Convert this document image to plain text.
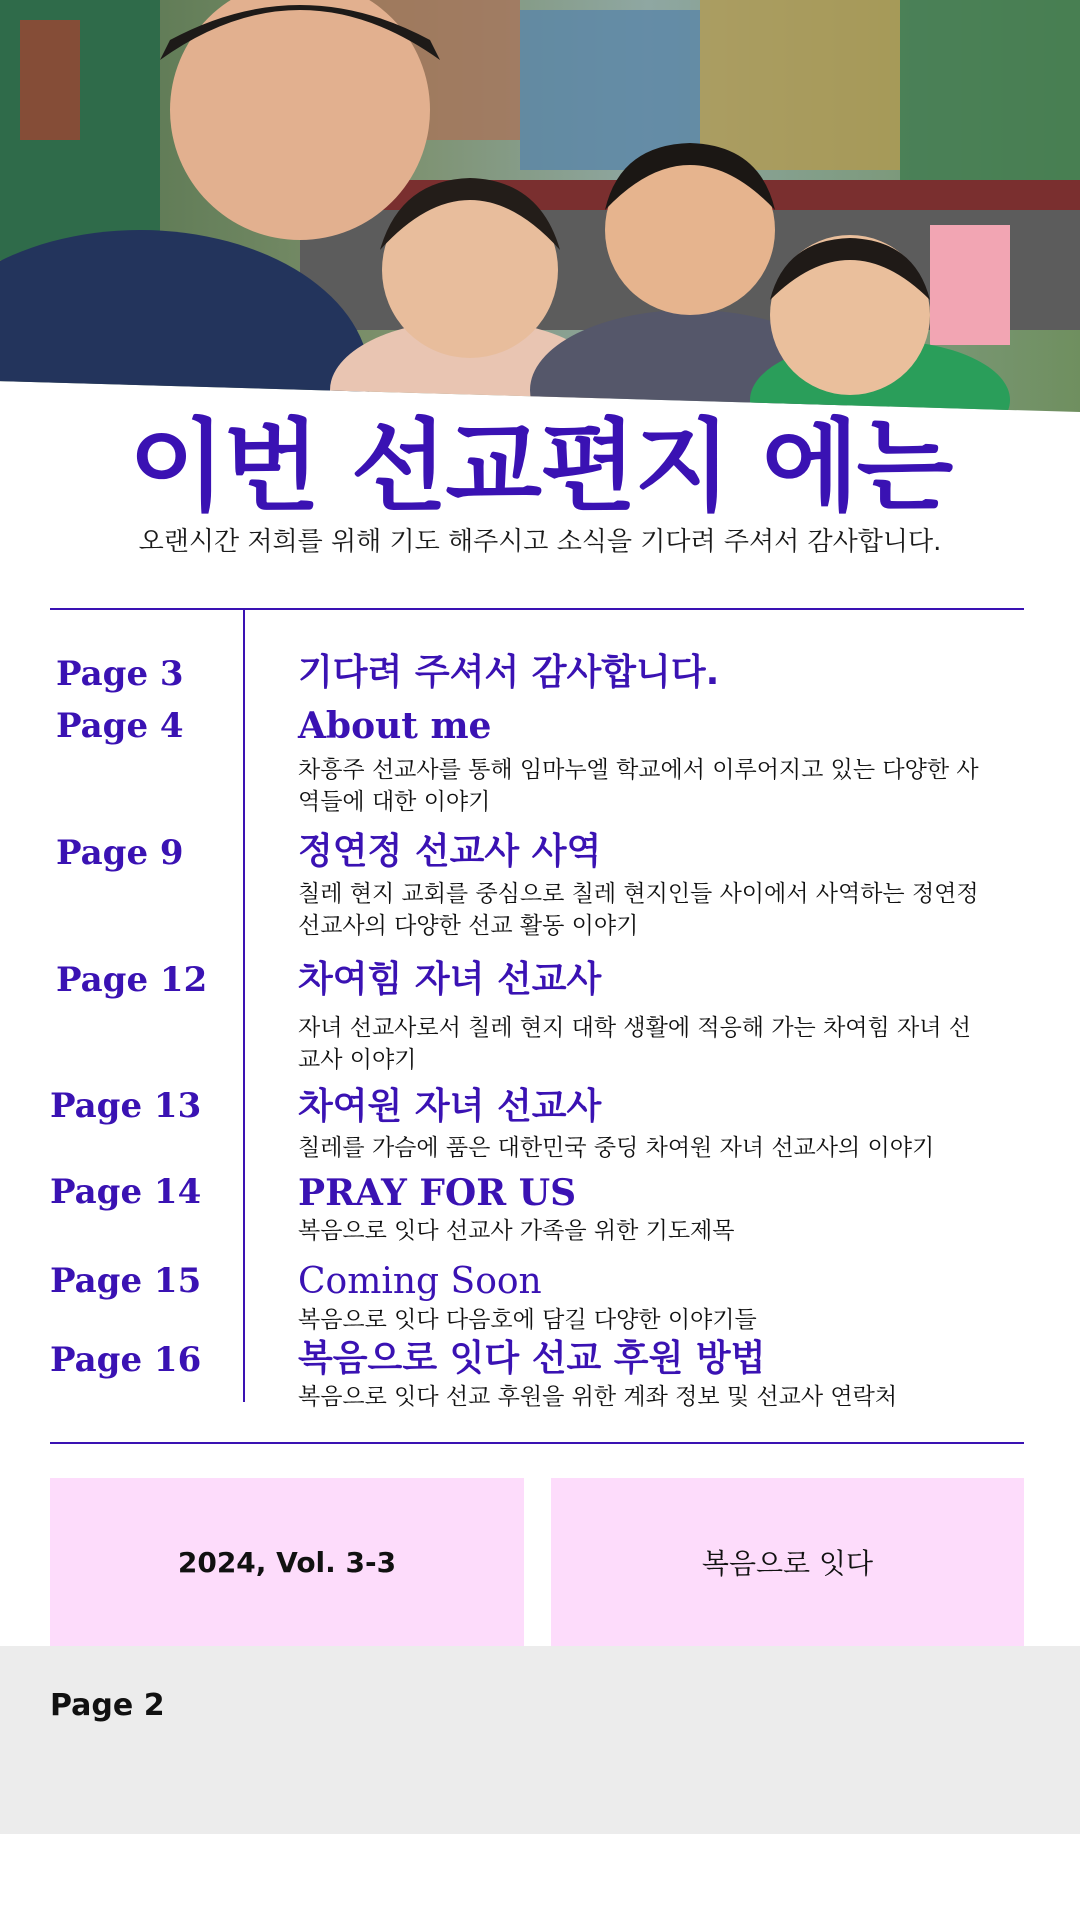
이번 선교편지 에는
오랜시간 저희를 위해 기도 해주시고 소식을 기다려 주셔서 감사합니다.
Page 3	기다려 주셔서 감사합니다.
Page 4	About me
차흥주 선교사를 통해 임마누엘 학교에서 이루어지고 있는 다양한 사역들에 대한 이야기
Page 9	정연정 선교사 사역
칠레 현지 교회를 중심으로 칠레 현지인들 사이에서 사역하는 정연정 선교사의 다양한 선교 활동 이야기
Page 12	차여힘 자녀 선교사
자녀 선교사로서 칠레 현지 대학 생활에 적응해 가는 차여힘 자녀 선교사 이야기
Page 13	차여원 자녀 선교사
칠레를 가슴에 품은 대한민국 중딩 차여원 자녀 선교사의 이야기
Page 14	PRAY FOR US
복음으로 잇다 선교사 가족을 위한 기도제목
Page 15	Coming Soon
복음으로 잇다 다음호에 담길 다양한 이야기들
Page 16	복음으로 잇다 선교 후원 방법
복음으로 잇다 선교 후원을 위한 계좌 정보 및 선교사 연락처
2024, Vol. 3-3	복음으로 잇다
Page 2
